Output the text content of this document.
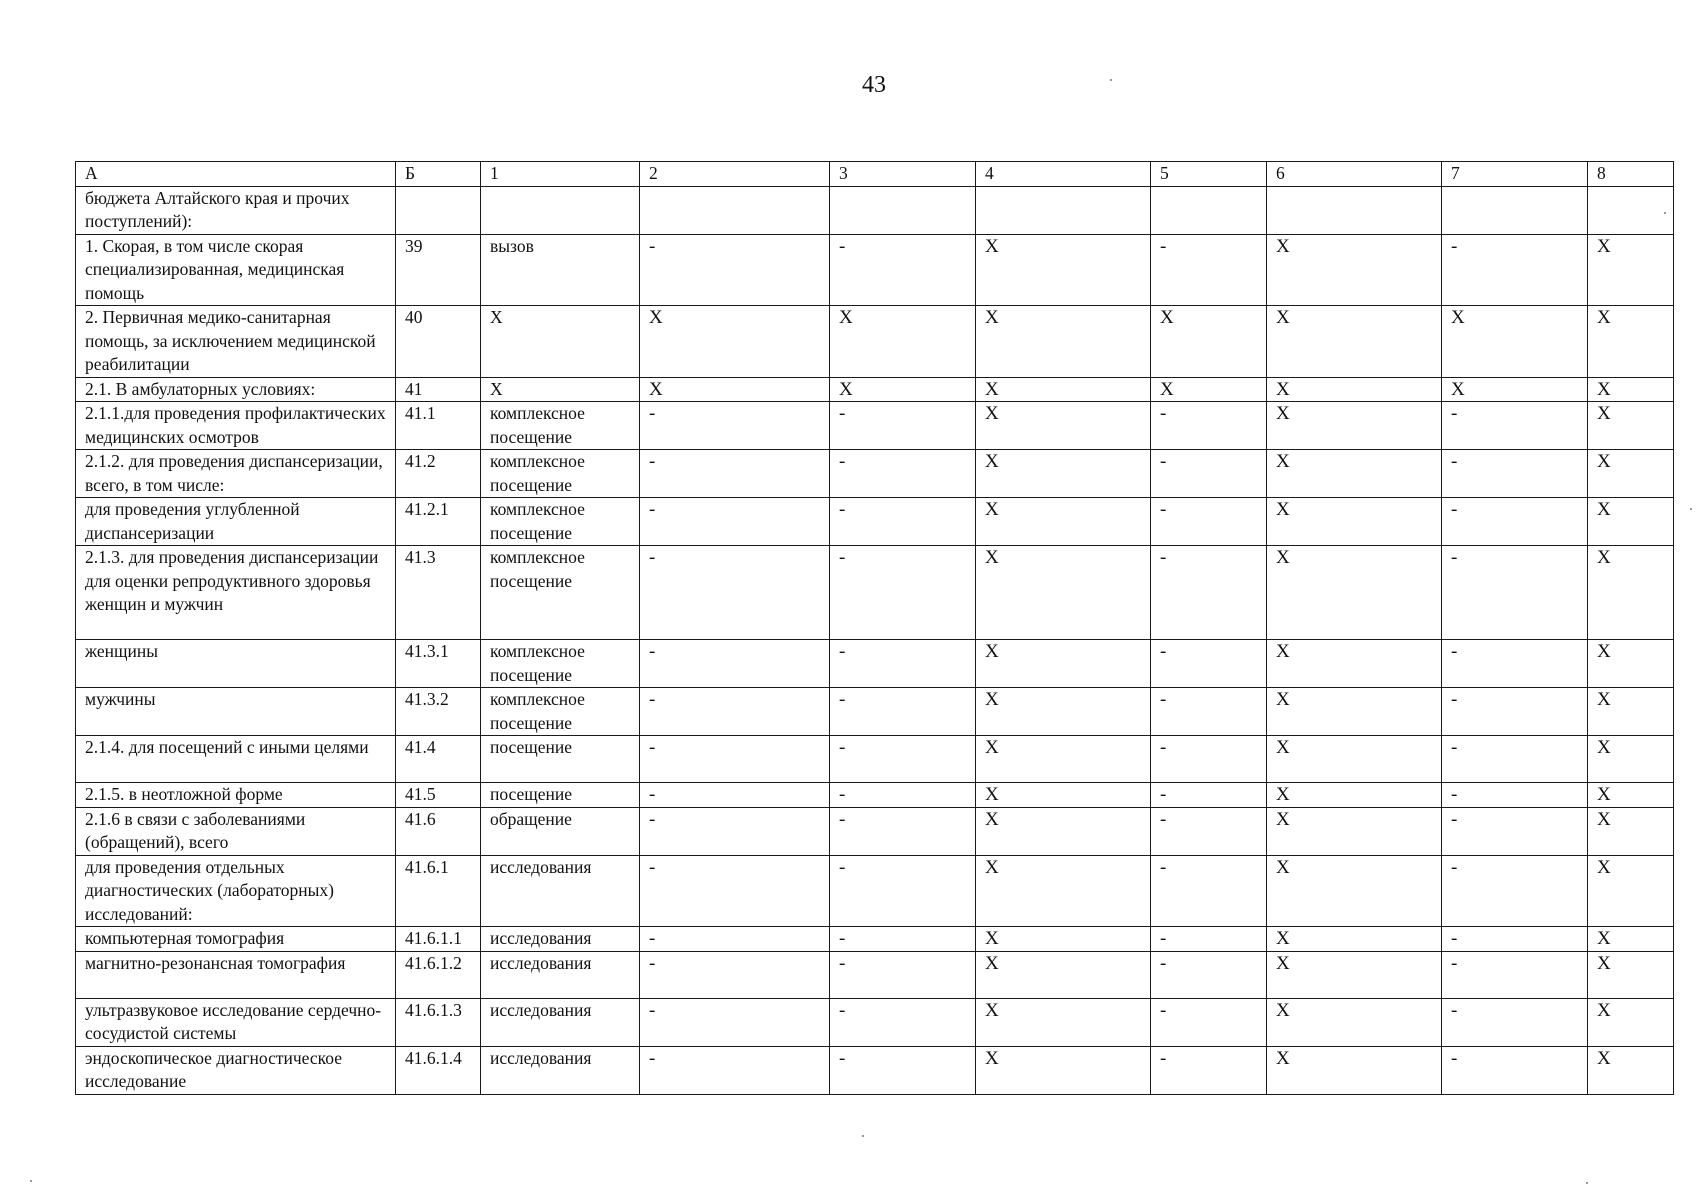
43
А	Б	1	2	3	4	5	6	7	8
бюджета Алтайского края и прочих поступлений):									
1. Скорая, в том числе скорая специализированная, медицинская помощь	39	вызов	-	-	Х	-	Х	-	Х
2. Первичная медико-санитарная помощь, за исключением медицинской реабилитации	40	Х	Х	Х	Х	Х	Х	Х	Х
2.1. В амбулаторных условиях:	41	Х	Х	Х	Х	Х	Х	Х	Х
2.1.1.для проведения профилактических медицинских осмотров	41.1	комплексное посещение	-	-	Х	-	Х	-	Х
2.1.2. для проведения диспансеризации, всего, в том числе:	41.2	комплексное посещение	-	-	Х	-	Х	-	Х
для проведения углубленной диспансеризации	41.2.1	комплексное посещение	-	-	Х	-	Х	-	Х
2.1.3. для проведения диспансеризации для оценки репродуктивного здоровья женщин и мужчин	41.3	комплексное посещение	-	-	Х	-	Х	-	Х
женщины	41.3.1	комплексное посещение	-	-	Х	-	Х	-	Х
мужчины	41.3.2	комплексное посещение	-	-	Х	-	Х	-	Х
2.1.4. для посещений с иными целями	41.4	посещение	-	-	Х	-	Х	-	Х
2.1.5. в неотложной форме	41.5	посещение	-	-	Х	-	Х	-	Х
2.1.6 в связи с заболеваниями (обращений), всего	41.6	обращение	-	-	Х	-	Х	-	Х
для проведения отдельных диагностических (лабораторных) исследований:	41.6.1	исследования	-	-	Х	-	Х	-	Х
компьютерная томография	41.6.1.1	исследования	-	-	Х	-	Х	-	Х
магнитно-резонансная томография	41.6.1.2	исследования	-	-	Х	-	Х	-	Х
ультразвуковое исследование сердечно-сосудистой системы	41.6.1.3	исследования	-	-	Х	-	Х	-	Х
эндоскопическое диагностическое исследование	41.6.1.4	исследования	-	-	Х	-	Х	-	Х
